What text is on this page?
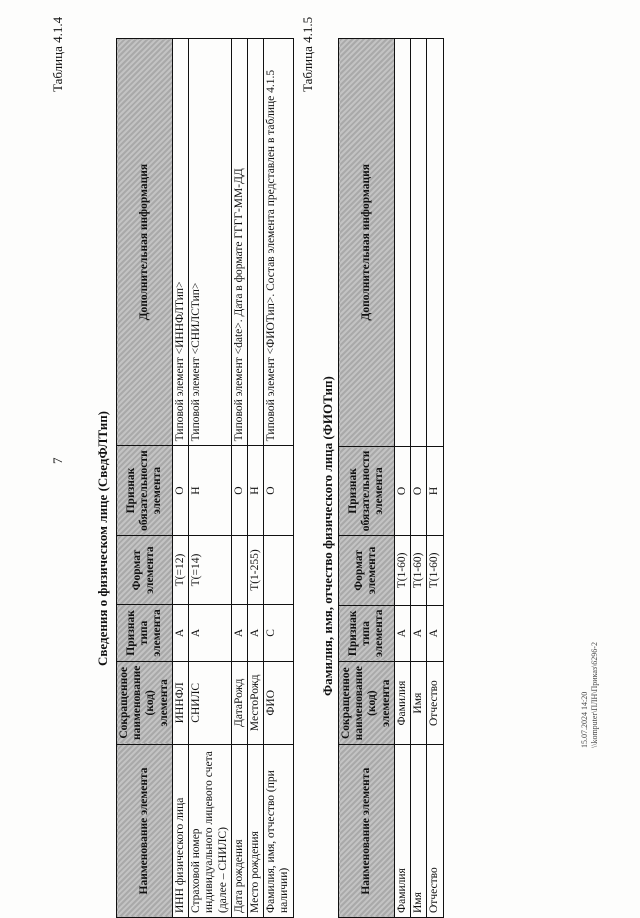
7
Таблица 4.1.4
Сведения о физическом лице (СведФЛТип)
Наименование элемента	Сокращенное наименование (код) элемента	Признак типа элемента	Формат элемента	Признак обязательности элемента	Дополнительная информация
ИНН физического лица	ИННФЛ	А	T(=12)	О	Типовой элемент <ИННФЛТип>
Страховой номер индивидуального лицевого счета (далее – СНИЛС)	СНИЛС	А	T(=14)	Н	Типовой элемент <СНИЛСТип>
Дата рождения	ДатаРожд	А		О	Типовой элемент <date>. Дата в формате ГГГГ-ММ-ДД
Место рождения	МестоРожд	А	T(1-255)	Н	
Фамилия, имя, отчество (при наличии)	ФИО	С		О	Типовой элемент <ФИОТип>. Состав элемента представлен в таблице 4.1.5
Таблица 4.1.5
Фамилия, имя, отчество физического лица (ФИОТип)
Наименование элемента	Сокращенное наименование (код) элемента	Признак типа элемента	Формат элемента	Признак обязательности элемента	Дополнительная информация
Фамилия	Фамилия	А	T(1-60)	О	
Имя	Имя	А	T(1-60)	О	
Отчество	Отчество	А	T(1-60)	Н	
15.07.2024 14:20 \\komputer\ПЛН\Приказ\6296-2
